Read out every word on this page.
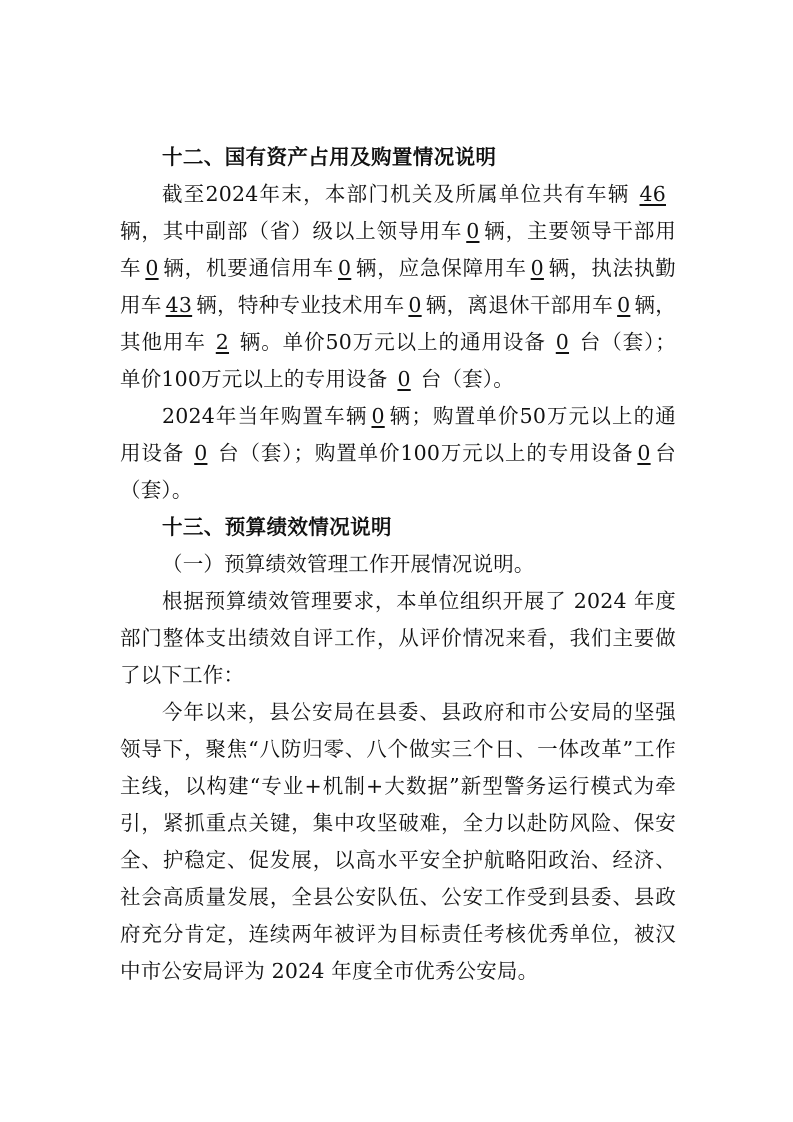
十二、国有资产占用及购置情况说明

截至2024年末，本部门机关及所属单位共有车辆 46辆，其中副部（省）级以上领导用车 0 辆，主要领导干部用车 0 辆，机要通信用车 0 辆，应急保障用车 0 辆，执法执勤用车 43 辆，特种专业技术用车 0 辆，离退休干部用车 0 辆，其他用车 2 辆。单价50万元以上的通用设备 0 台（套）；单价100万元以上的专用设备 0 台（套）。

2024年当年购置车辆 0 辆；购置单价50万元以上的通用设备 0 台（套）；购置单价100万元以上的专用设备 0 台（套）。

十三、预算绩效情况说明

（一）预算绩效管理工作开展情况说明。

根据预算绩效管理要求，本单位组织开展了 2024 年度部门整体支出绩效自评工作，从评价情况来看，我们主要做了以下工作：

今年以来，县公安局在县委、县政府和市公安局的坚强领导下，聚焦“八防归零、八个做实三个日、一体改革”工作主线，以构建“专业+机制+大数据”新型警务运行模式为牵引，紧抓重点关键，集中攻坚破难，全力以赴防风险、保安全、护稳定、促发展，以高水平安全护航略阳政治、经济、社会高质量发展，全县公安队伍、公安工作受到县委、县政府充分肯定，连续两年被评为目标责任考核优秀单位，被汉中市公安局评为 2024 年度全市优秀公安局。
